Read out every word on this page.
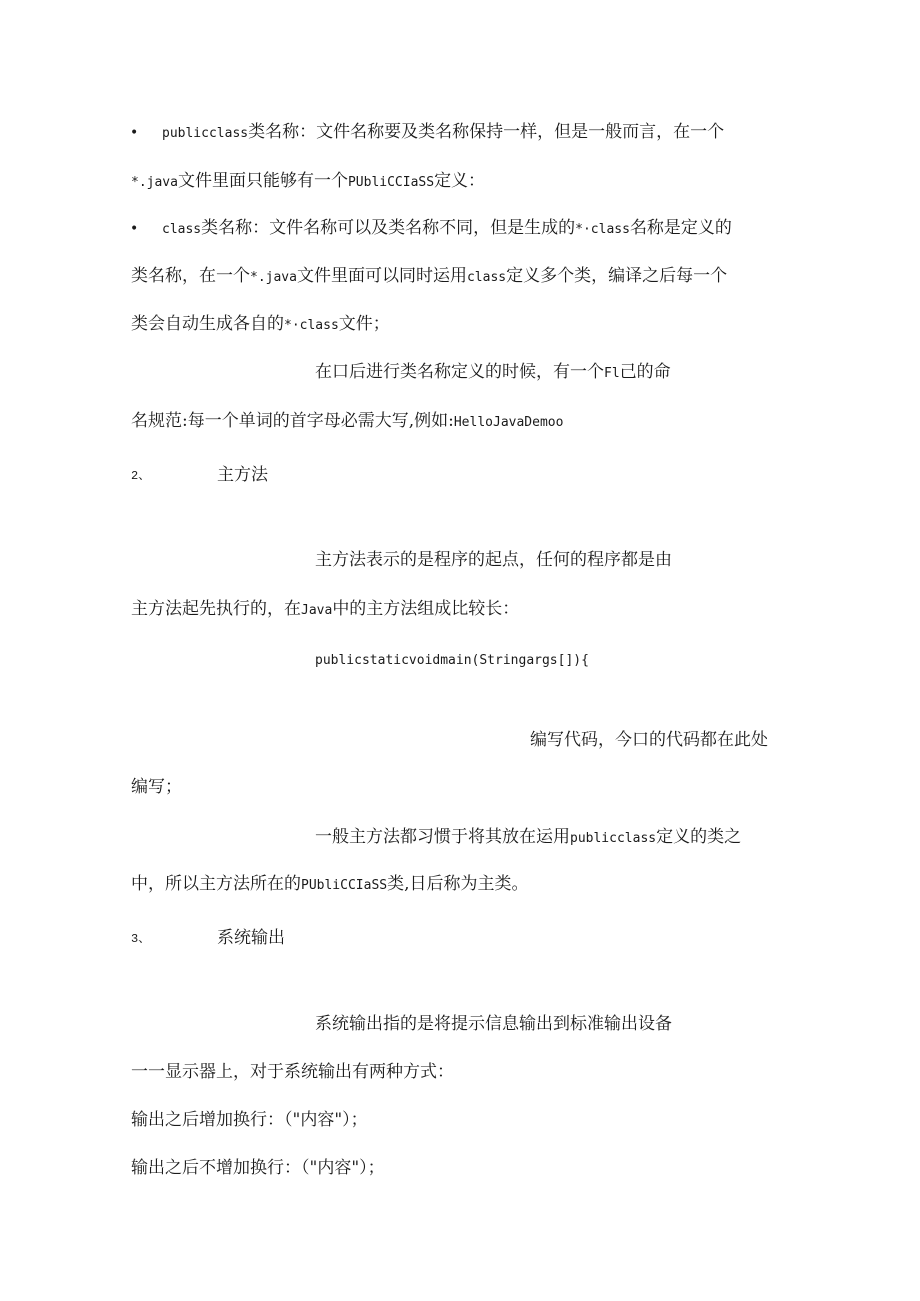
• publicclass类名称：文件名称要及类名称保持一样，但是一般而言，在一个
*.java文件里面只能够有一个PUbliCCIaSS定义：
• class类名称：文件名称可以及类名称不同，但是生成的*·class名称是定义的
类名称，在一个*.java文件里面可以同时运用class定义多个类，编译之后每一个
类会自动生成各自的*·class文件；
在口后进行类名称定义的时候，有一个Fl己的命
名规范:每一个单词的首字母必需大写,例如:HelloJavaDemoo
2、	主方法
主方法表示的是程序的起点，任何的程序都是由
主方法起先执行的，在Java中的主方法组成比较长：
publicstaticvoidmain(Stringargs[]){
编写代码，今口的代码都在此处
编写；
一般主方法都习惯于将其放在运用publicclass定义的类之
中，所以主方法所在的PUbliCCIaSS类,日后称为主类。
3、	系统输出
系统输出指的是将提示信息输出到标准输出设备
一一显示器上，对于系统输出有两种方式：
输出之后增加换行：（"内容"）；
输出之后不增加换行：（"内容"）；
